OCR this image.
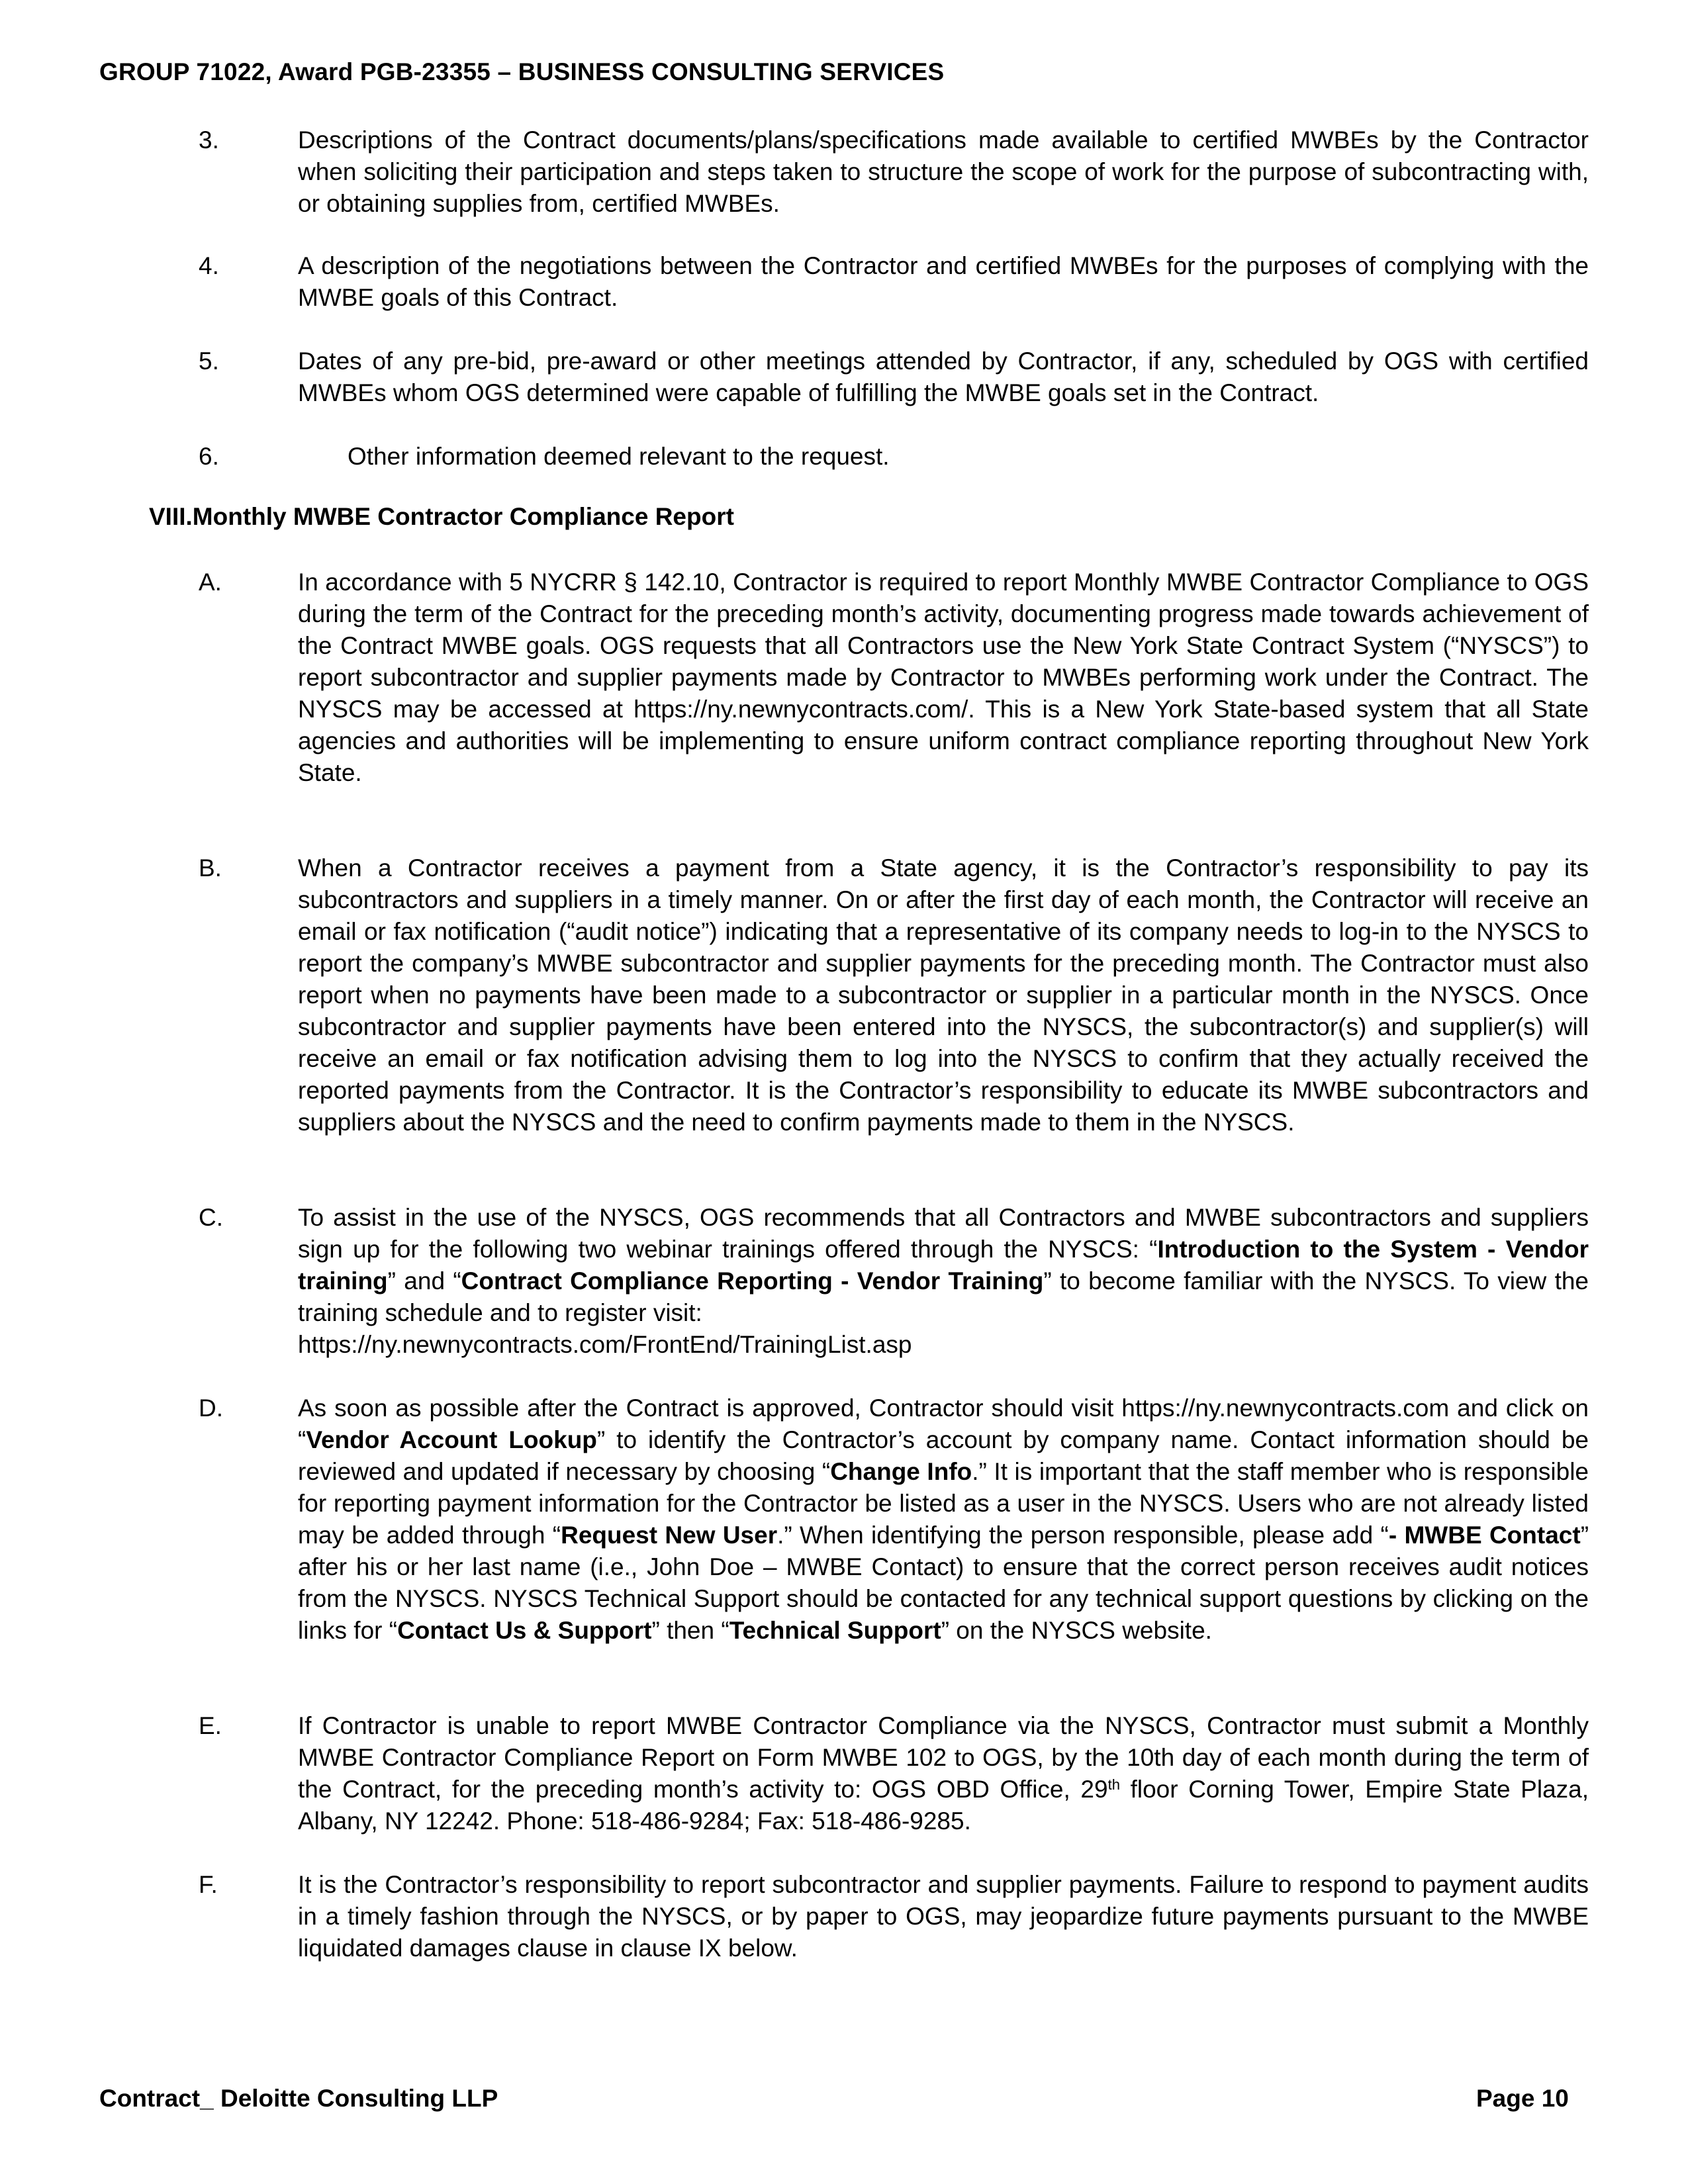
GROUP 71022, Award PGB-23355 – BUSINESS CONSULTING SERVICES
3.	Descriptions of the Contract documents/plans/specifications made available to certified MWBEs by the Contractor when soliciting their participation and steps taken to structure the scope of work for the purpose of subcontracting with, or obtaining supplies from, certified MWBEs.
4.	A description of the negotiations between the Contractor and certified MWBEs for the purposes of complying with the MWBE goals of this Contract.
5.	Dates of any pre-bid, pre-award or other meetings attended by Contractor, if any, scheduled by OGS with certified MWBEs whom OGS determined were capable of fulfilling the MWBE goals set in the Contract.
6.	Other information deemed relevant to the request.
VIII.Monthly MWBE Contractor Compliance Report
A.	In accordance with 5 NYCRR § 142.10, Contractor is required to report Monthly MWBE Contractor Compliance to OGS during the term of the Contract for the preceding month’s activity, documenting progress made towards achievement of the Contract MWBE goals. OGS requests that all Contractors use the New York State Contract System (“NYSCS”) to report subcontractor and supplier payments made by Contractor to MWBEs performing work under the Contract. The NYSCS may be accessed at https://ny.newnycontracts.com/. This is a New York State-based system that all State agencies and authorities will be implementing to ensure uniform contract compliance reporting throughout New York State.
B.	When a Contractor receives a payment from a State agency, it is the Contractor’s responsibility to pay its subcontractors and suppliers in a timely manner. On or after the first day of each month, the Contractor will receive an email or fax notification (“audit notice”) indicating that a representative of its company needs to log-in to the NYSCS to report the company’s MWBE subcontractor and supplier payments for the preceding month. The Contractor must also report when no payments have been made to a subcontractor or supplier in a particular month in the NYSCS. Once subcontractor and supplier payments have been entered into the NYSCS, the subcontractor(s) and supplier(s) will receive an email or fax notification advising them to log into the NYSCS to confirm that they actually received the reported payments from the Contractor. It is the Contractor’s responsibility to educate its MWBE subcontractors and suppliers about the NYSCS and the need to confirm payments made to them in the NYSCS.
C.	To assist in the use of the NYSCS, OGS recommends that all Contractors and MWBE subcontractors and suppliers sign up for the following two webinar trainings offered through the NYSCS: “Introduction to the System - Vendor training” and “Contract Compliance Reporting - Vendor Training” to become familiar with the NYSCS. To view the training schedule and to register visit:
https://ny.newnycontracts.com/FrontEnd/TrainingList.asp
D.	As soon as possible after the Contract is approved, Contractor should visit https://ny.newnycontracts.com and click on “Vendor Account Lookup” to identify the Contractor’s account by company name. Contact information should be reviewed and updated if necessary by choosing “Change Info.” It is important that the staff member who is responsible for reporting payment information for the Contractor be listed as a user in the NYSCS. Users who are not already listed may be added through “Request New User.” When identifying the person responsible, please add “- MWBE Contact” after his or her last name (i.e., John Doe – MWBE Contact) to ensure that the correct person receives audit notices from the NYSCS. NYSCS Technical Support should be contacted for any technical support questions by clicking on the links for “Contact Us & Support” then “Technical Support” on the NYSCS website.
E.	If Contractor is unable to report MWBE Contractor Compliance via the NYSCS, Contractor must submit a Monthly MWBE Contractor Compliance Report on Form MWBE 102 to OGS, by the 10th day of each month during the term of the Contract, for the preceding month’s activity to: OGS OBD Office, 29th floor Corning Tower, Empire State Plaza, Albany, NY 12242. Phone: 518-486-9284; Fax: 518-486-9285.
F.	It is the Contractor’s responsibility to report subcontractor and supplier payments. Failure to respond to payment audits in a timely fashion through the NYSCS, or by paper to OGS, may jeopardize future payments pursuant to the MWBE liquidated damages clause in clause IX below.
Contract_ Deloitte Consulting LLP	Page 10
